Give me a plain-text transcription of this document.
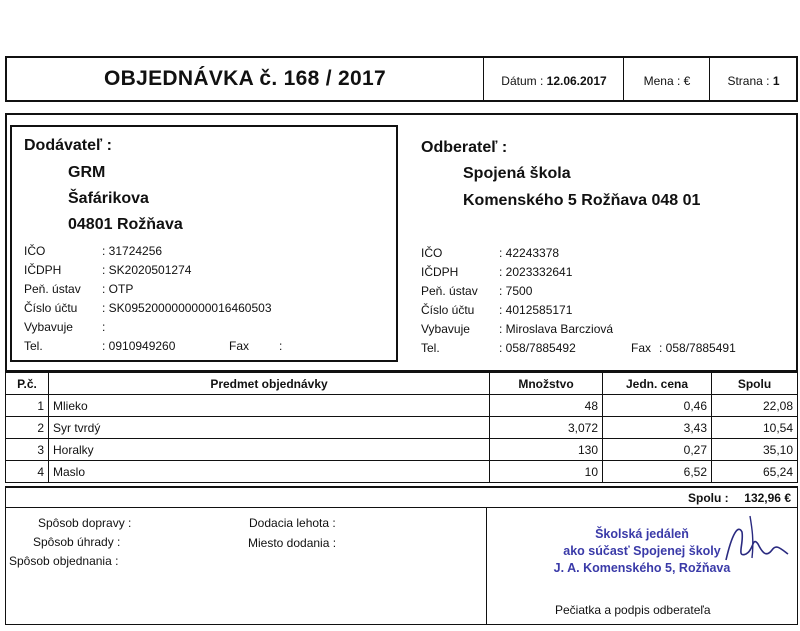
OBJEDNÁVKA č. 168 / 2017	Dátum : 12.06.2017	Mena : €	Strana : 1
Dodávateľ :
GRM
Šafárikova
04801 Rožňava
IČO	: 31724256
IČDPH	: SK2020501274
Peň. ústav : OTP
Číslo účtu : SK0952000000000016460503
Vybavuje :
Tel.	: 0910949260	Fax :
Odberateľ :
Spojená škola
Komenského 5 Rožňava 048 01
IČO	: 42243378
IČDPH	: 2023332641
Peň. ústav : 7500
Číslo účtu : 4012585171
Vybavuje : Miroslava Barcziová
Tel.	: 058/7885492	Fax : 058/7885491
P.č.	Predmet objednávky	Množstvo	Jedn. cena	Spolu
1	Mlieko	48	0,46	22,08
2	Syr tvrdý	3,072	3,43	10,54
3	Horalky	130	0,27	35,10
4	Maslo	10	6,52	65,24
Spolu : 132,96 €
Spôsob dopravy :
Spôsob úhrady :
Spôsob objednania :
Dodacia lehota :
Miesto dodania :
Školská jedáleň
ako súčasť Spojenej školy
J. A. Komenského 5, Rožňava
Pečiatka a podpis odberateľa
